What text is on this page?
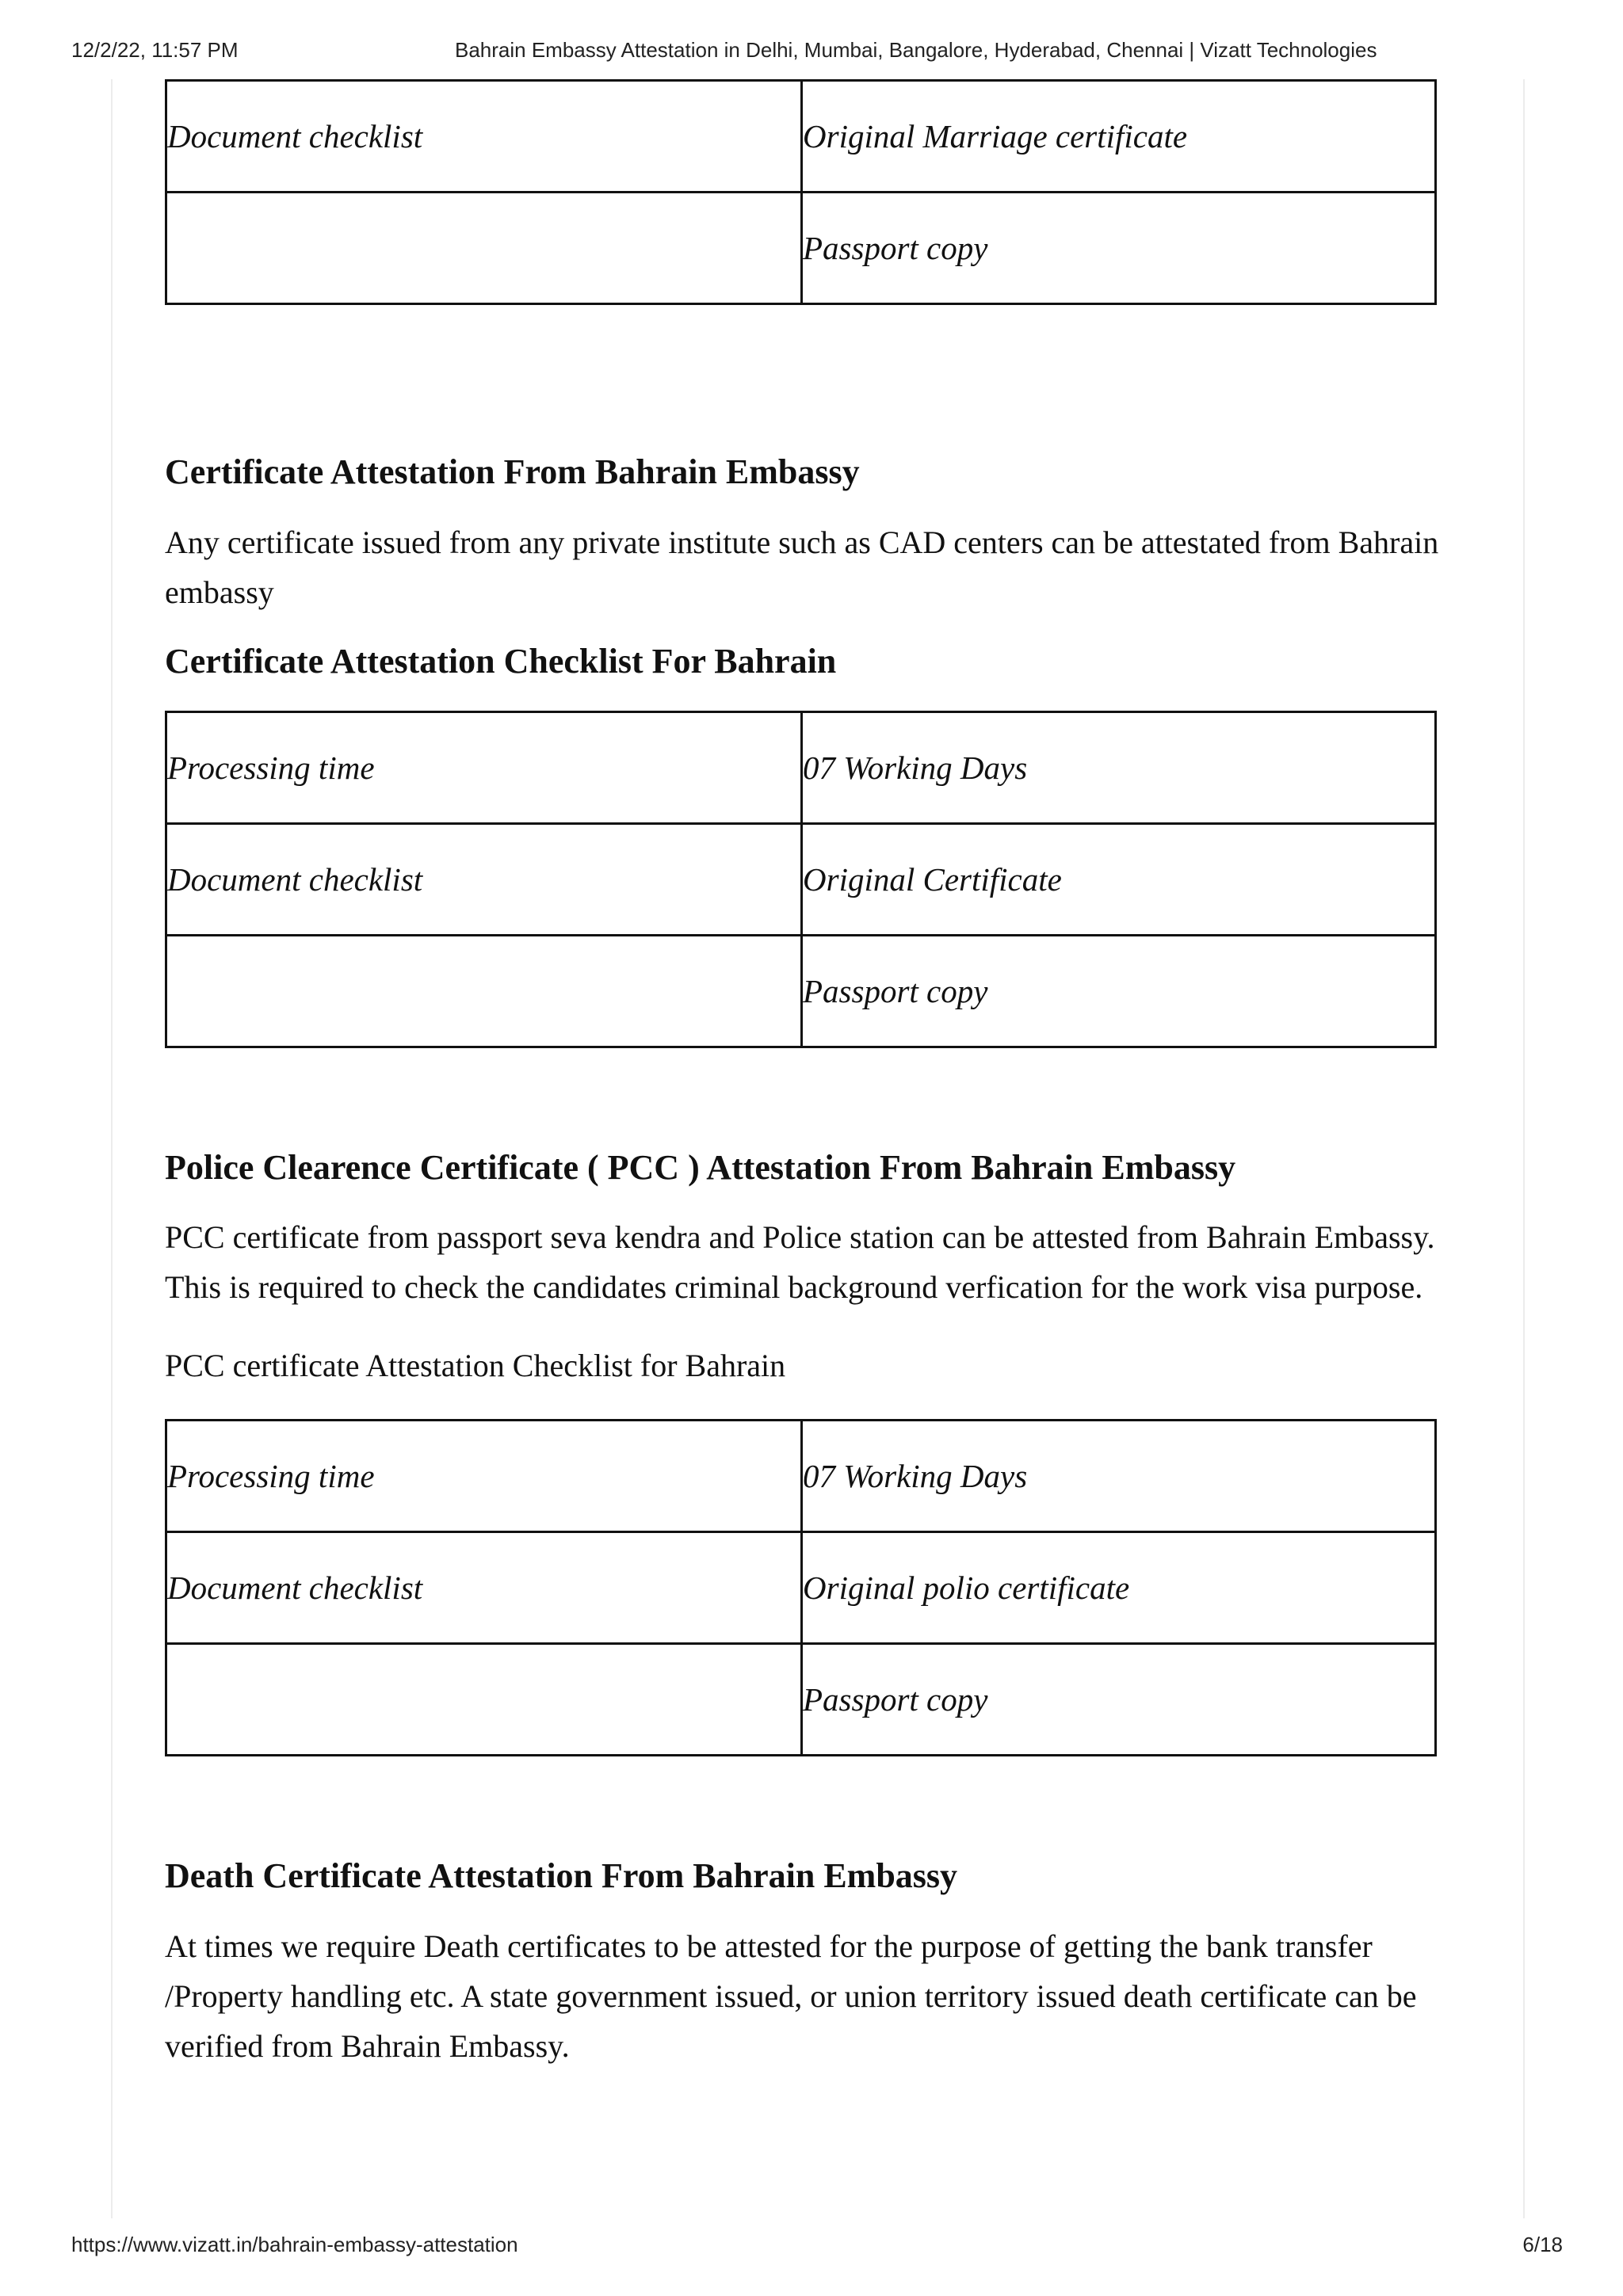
12/2/22, 11:57 PM	Bahrain Embassy Attestation in Delhi, Mumbai, Bangalore, Hyderabad, Chennai | Vizatt Technologies
Document checklist	Original Marriage certificate
	Passport copy
Certificate Attestation From Bahrain Embassy

Any certificate issued from any private institute such as CAD centers can be attestated from Bahrain embassy

Certificate Attestation Checklist For Bahrain
Processing time	07 Working Days
Document checklist	Original Certificate
	Passport copy
Police Clearence Certificate ( PCC ) Attestation From Bahrain Embassy

PCC certificate from passport seva kendra and Police station can be attested from Bahrain Embassy. This is required to check the candidates criminal background verfication for the work visa purpose.

PCC certificate Attestation Checklist for Bahrain

Processing time	07 Working Days
Document checklist	Original polio certificate
	Passport copy
Death Certificate Attestation From Bahrain Embassy

At times we require Death certificates to be attested for the purpose of getting the bank transfer /Property handling etc. A state government issued, or union territory issued death certificate can be verified from Bahrain Embassy.

https://www.vizatt.in/bahrain-embassy-attestation	6/18
